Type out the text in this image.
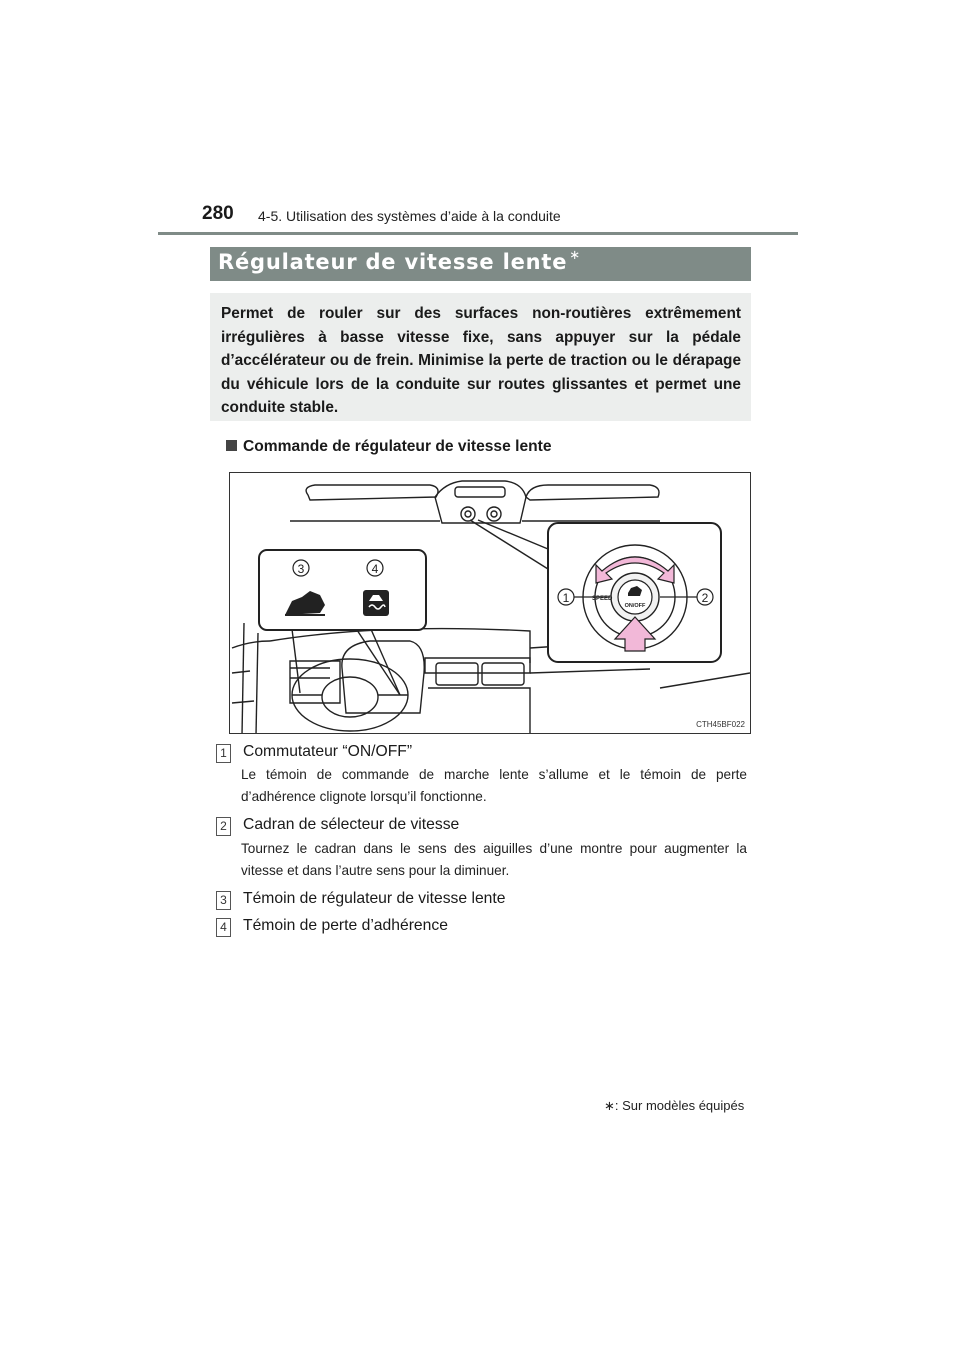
280 4-5. Utilisation des systèmes d’aide à la conduite
Régulateur de vitesse lente ∗

Permet de rouler sur des surfaces non-routières extrêmement irrégulières à basse vitesse fixe, sans appuyer sur la pédale d’accélérateur ou de frein. Minimise la perte de traction ou le dérapage du véhicule lors de la conduite sur routes glissantes et permet une conduite stable.

Commande de régulateur de vitesse lente
3	4
ON/OFF
SPEED
1	2
CTH45BF022
1 Commutateur “ON/OFF”

Le témoin de commande de marche lente s’allume et le témoin de perte d’adhérence clignote lorsqu’il fonctionne.

2 Cadran de sélecteur de vitesse

Tournez le cadran dans le sens des aiguilles d’une montre pour augmenter la vitesse et dans l’autre sens pour la diminuer.

3 Témoin de régulateur de vitesse lente
4 Témoin de perte d’adhérence
∗: Sur modèles équipés
